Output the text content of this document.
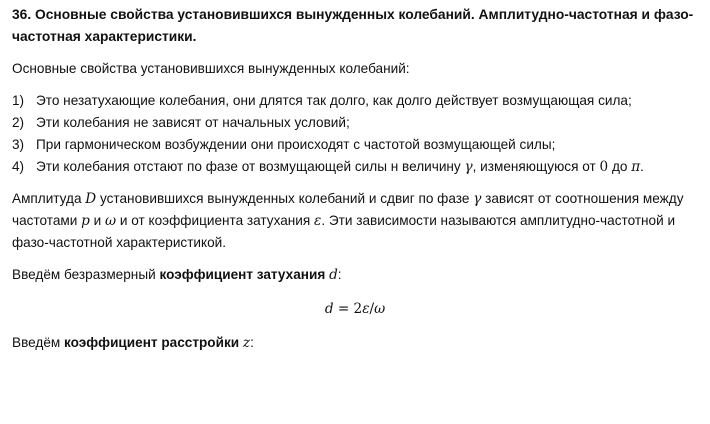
36. Основные свойства установившихся вынужденных колебаний. Амплитудно-частотная и фазо-
частотная характеристики.

Основные свойства установившихся вынужденных колебаний:

1) Это незатухающие колебания, они длятся так долго, как долго действует возмущающая сила;
2) Эти колебания не зависят от начальных условий;
3) При гармоническом возбуждении они происходят с частотой возмущающей силы;
4) Эти колебания отстают по фазе от возмущающей силы н величину γ, изменяющуюся от 0 до π.

Амплитуда D установившихся вынужденных колебаний и сдвиг по фазе γ зависят от соотношения между
частотами p и ω и от коэффициента затухания ε. Эти зависимости называются амплитудно-частотной и
фазо-частотной характеристикой.

Введём безразмерный коэффициент затухания d:

d = 2ε/ω

Введём коэффициент расстройки z:
